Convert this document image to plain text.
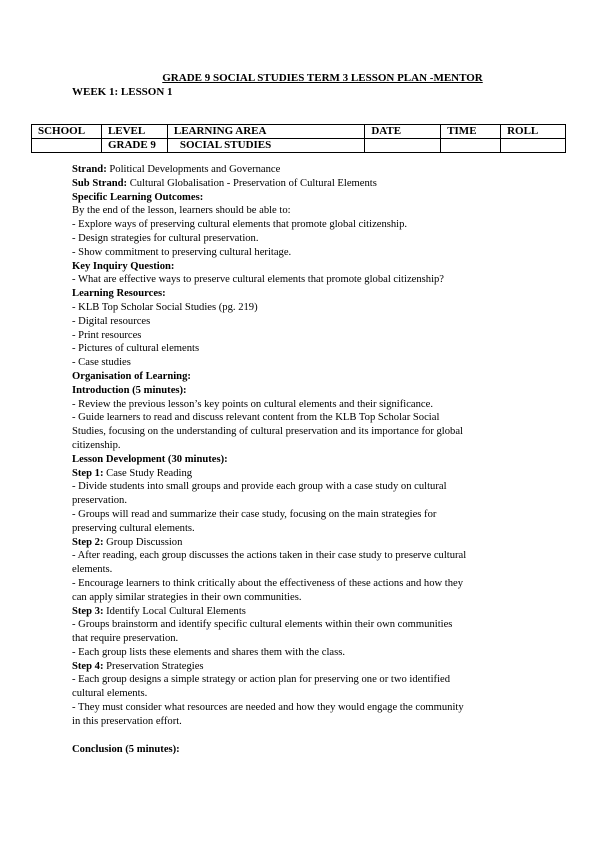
GRADE 9 SOCIAL STUDIES TERM 3 LESSON PLAN -MENTOR
WEEK 1: LESSON 1
SCHOOL	LEVEL	LEARNING AREA	DATE	TIME	ROLL
	GRADE 9	SOCIAL STUDIES			
Strand: Political Developments and Governance
Sub Strand: Cultural Globalisation - Preservation of Cultural Elements
Specific Learning Outcomes:
By the end of the lesson, learners should be able to:
- Explore ways of preserving cultural elements that promote global citizenship.
- Design strategies for cultural preservation.
- Show commitment to preserving cultural heritage.
Key Inquiry Question:
- What are effective ways to preserve cultural elements that promote global citizenship?
Learning Resources:
- KLB Top Scholar Social Studies (pg. 219)
- Digital resources
- Print resources
- Pictures of cultural elements
- Case studies
Organisation of Learning:
Introduction (5 minutes):
- Review the previous lesson’s key points on cultural elements and their significance.
- Guide learners to read and discuss relevant content from the KLB Top Scholar Social
Studies, focusing on the understanding of cultural preservation and its importance for global
citizenship.
Lesson Development (30 minutes):
Step 1: Case Study Reading
- Divide students into small groups and provide each group with a case study on cultural
preservation.
- Groups will read and summarize their case study, focusing on the main strategies for
preserving cultural elements.
Step 2: Group Discussion
- After reading, each group discusses the actions taken in their case study to preserve cultural
elements.
- Encourage learners to think critically about the effectiveness of these actions and how they
can apply similar strategies in their own communities.
Step 3: Identify Local Cultural Elements
- Groups brainstorm and identify specific cultural elements within their own communities
that require preservation.
- Each group lists these elements and shares them with the class.
Step 4: Preservation Strategies
- Each group designs a simple strategy or action plan for preserving one or two identified
cultural elements.
- They must consider what resources are needed and how they would engage the community
in this preservation effort.
Conclusion (5 minutes):
